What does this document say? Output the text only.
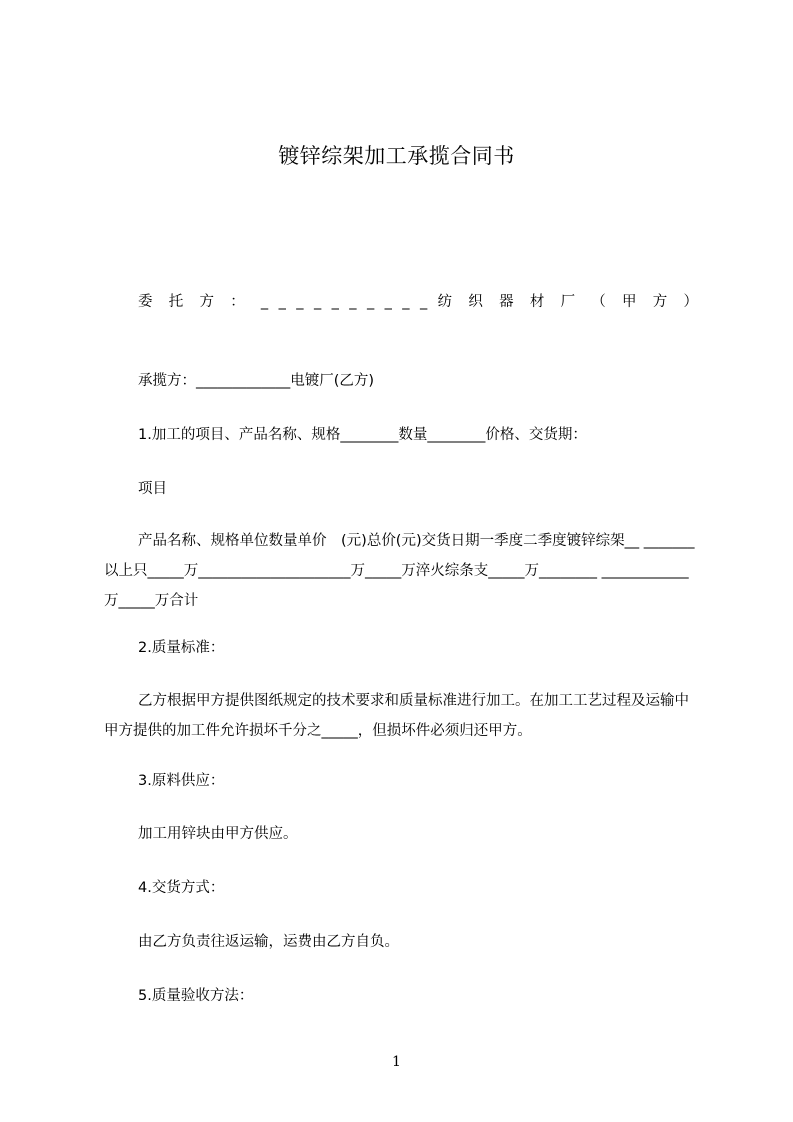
镀锌综架加工承揽合同书

委 托 方 ： _ _ _ _ _ _ _ _ _ _ 纺 织 器 材 厂 （ 甲 方 ）

承揽方：_____________电镀厂(乙方)

1.加工的项目、产品名称、规格________数量________价格、交货期：

项目

产品名称、规格单位数量单价　(元)总价(元)交货日期一季度二季度镀锌综架__ _______以上只_____万_____________________万_____万淬火综条支_____万________ ____________万_____万合计

2.质量标准：

乙方根据甲方提供图纸规定的技术要求和质量标准进行加工。在加工工艺过程及运输中甲方提供的加工件允许损坏千分之_____，但损坏件必须归还甲方。

3.原料供应：

加工用锌块由甲方供应。

4.交货方式：

由乙方负责往返运输，运费由乙方自负。

5.质量验收方法：

1
